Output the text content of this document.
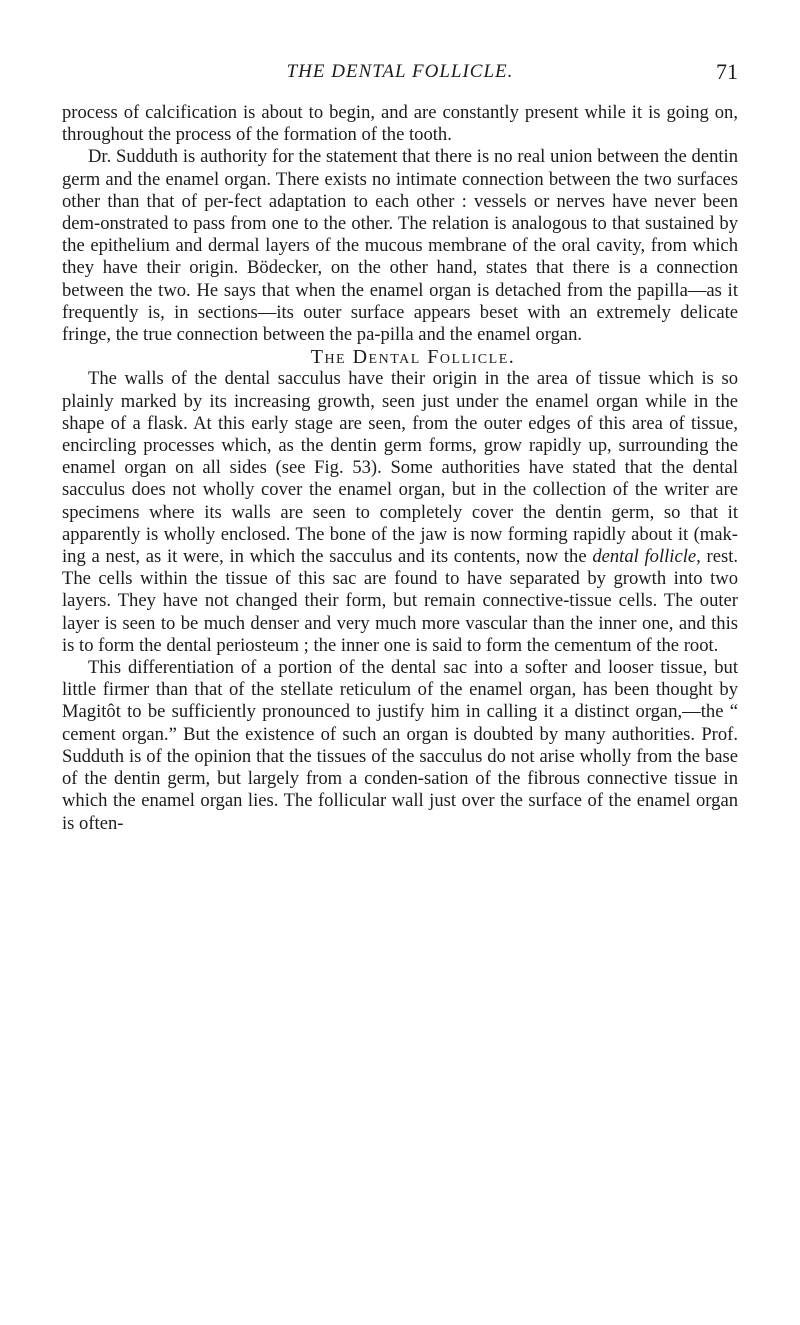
THE DENTAL FOLLICLE.	71

process of calcification is about to begin, and are constantly present while it is going on, throughout the process of the formation of the tooth.

Dr. Sudduth is authority for the statement that there is no real union between the dentin germ and the enamel organ. There exists no intimate connection between the two surfaces other than that of per-fect adaptation to each other : vessels or nerves have never been dem-onstrated to pass from one to the other. The relation is analogous to that sustained by the epithelium and dermal layers of the mucous membrane of the oral cavity, from which they have their origin. Bödecker, on the other hand, states that there is a connection between the two. He says that when the enamel organ is detached from the papilla—as it frequently is, in sections—its outer surface appears beset with an extremely delicate fringe, the true connection between the pa-pilla and the enamel organ.

The Dental Follicle.

The walls of the dental sacculus have their origin in the area of tissue which is so plainly marked by its increasing growth, seen just under the enamel organ while in the shape of a flask. At this early stage are seen, from the outer edges of this area of tissue, encircling processes which, as the dentin germ forms, grow rapidly up, surrounding the enamel organ on all sides (see Fig. 53). Some authorities have stated that the dental sacculus does not wholly cover the enamel organ, but in the collection of the writer are specimens where its walls are seen to completely cover the dentin germ, so that it apparently is wholly enclosed. The bone of the jaw is now forming rapidly about it (mak-ing a nest, as it were, in which the sacculus and its contents, now the dental follicle, rest. The cells within the tissue of this sac are found to have separated by growth into two layers. They have not changed their form, but remain connective-tissue cells. The outer layer is seen to be much denser and very much more vascular than the inner one, and this is to form the dental periosteum ; the inner one is said to form the cementum of the root.

This differentiation of a portion of the dental sac into a softer and looser tissue, but little firmer than that of the stellate reticulum of the enamel organ, has been thought by Magitôt to be sufficiently pronounced to justify him in calling it a distinct organ,—the “ cement organ.” But the existence of such an organ is doubted by many authorities. Prof. Sudduth is of the opinion that the tissues of the sacculus do not arise wholly from the base of the dentin germ, but largely from a conden-sation of the fibrous connective tissue in which the enamel organ lies. The follicular wall just over the surface of the enamel organ is often-
